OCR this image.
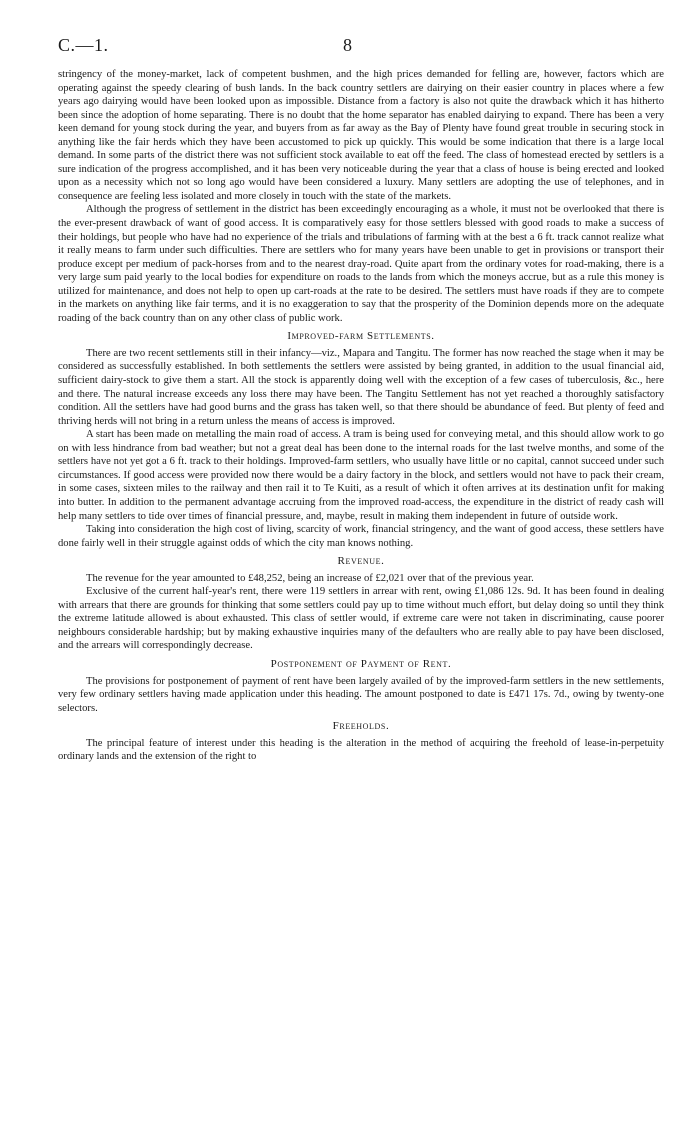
C.—1.	8

stringency of the money-market, lack of competent bushmen, and the high prices demanded for felling are, however, factors which are operating against the speedy clearing of bush lands. In the back country settlers are dairying on their easier country in places where a few years ago dairying would have been looked upon as impossible. Distance from a factory is also not quite the drawback which it has hitherto been since the adoption of home separating. There is no doubt that the home separator has enabled dairying to expand. There has been a very keen demand for young stock during the year, and buyers from as far away as the Bay of Plenty have found great trouble in securing stock in anything like the fair herds which they have been accustomed to pick up quickly. This would be some indication that there is a large local demand. In some parts of the district there was not sufficient stock available to eat off the feed. The class of homestead erected by settlers is a sure indication of the progress accomplished, and it has been very noticeable during the year that a class of house is being erected and looked upon as a necessity which not so long ago would have been considered a luxury. Many settlers are adopting the use of telephones, and in consequence are feeling less isolated and more closely in touch with the state of the markets.

Although the progress of settlement in the district has been exceedingly encouraging as a whole, it must not be overlooked that there is the ever-present drawback of want of good access. It is comparatively easy for those settlers blessed with good roads to make a success of their holdings, but people who have had no experience of the trials and tribulations of farming with at the best a 6 ft. track cannot realize what it really means to farm under such difficulties. There are settlers who for many years have been unable to get in provisions or transport their produce except per medium of pack-horses from and to the nearest dray-road. Quite apart from the ordinary votes for road-making, there is a very large sum paid yearly to the local bodies for expenditure on roads to the lands from which the moneys accrue, but as a rule this money is utilized for maintenance, and does not help to open up cart-roads at the rate to be desired. The settlers must have roads if they are to compete in the markets on anything like fair terms, and it is no exaggeration to say that the prosperity of the Dominion depends more on the adequate roading of the back country than on any other class of public work.

Improved-farm Settlements.

There are two recent settlements still in their infancy—viz., Mapara and Tangitu. The former has now reached the stage when it may be considered as successfully established. In both settlements the settlers were assisted by being granted, in addition to the usual financial aid, sufficient dairy-stock to give them a start. All the stock is apparently doing well with the exception of a few cases of tuberculosis, &c., here and there. The natural increase exceeds any loss there may have been. The Tangitu Settlement has not yet reached a thoroughly satisfactory condition. All the settlers have had good burns and the grass has taken well, so that there should be abundance of feed. But plenty of feed and thriving herds will not bring in a return unless the means of access is improved.

A start has been made on metalling the main road of access. A tram is being used for conveying metal, and this should allow work to go on with less hindrance from bad weather; but not a great deal has been done to the internal roads for the last twelve months, and some of the settlers have not yet got a 6 ft. track to their holdings. Improved-farm settlers, who usually have little or no capital, cannot succeed under such circumstances. If good access were provided now there would be a dairy factory in the block, and settlers would not have to pack their cream, in some cases, sixteen miles to the railway and then rail it to Te Kuiti, as a result of which it often arrives at its destination unfit for making into butter. In addition to the permanent advantage accruing from the improved road-access, the expenditure in the district of ready cash will help many settlers to tide over times of financial pressure, and, maybe, result in making them independent in future of outside work.

Taking into consideration the high cost of living, scarcity of work, financial stringency, and the want of good access, these settlers have done fairly well in their struggle against odds of which the city man knows nothing.

Revenue.

The revenue for the year amounted to £48,252, being an increase of £2,021 over that of the previous year.

Exclusive of the current half-year's rent, there were 119 settlers in arrear with rent, owing £1,086 12s. 9d. It has been found in dealing with arrears that there are grounds for thinking that some settlers could pay up to time without much effort, but delay doing so until they think the extreme latitude allowed is about exhausted. This class of settler would, if extreme care were not taken in discriminating, cause poorer neighbours considerable hardship; but by making exhaustive inquiries many of the defaulters who are really able to pay have been disclosed, and the arrears will correspondingly decrease.

Postponement of Payment of Rent.

The provisions for postponement of payment of rent have been largely availed of by the improved-farm settlers in the new settlements, very few ordinary settlers having made application under this heading. The amount postponed to date is £471 17s. 7d., owing by twenty-one selectors.

Freeholds.

The principal feature of interest under this heading is the alteration in the method of acquiring the freehold of lease-in-perpetuity ordinary lands and the extension of the right to
